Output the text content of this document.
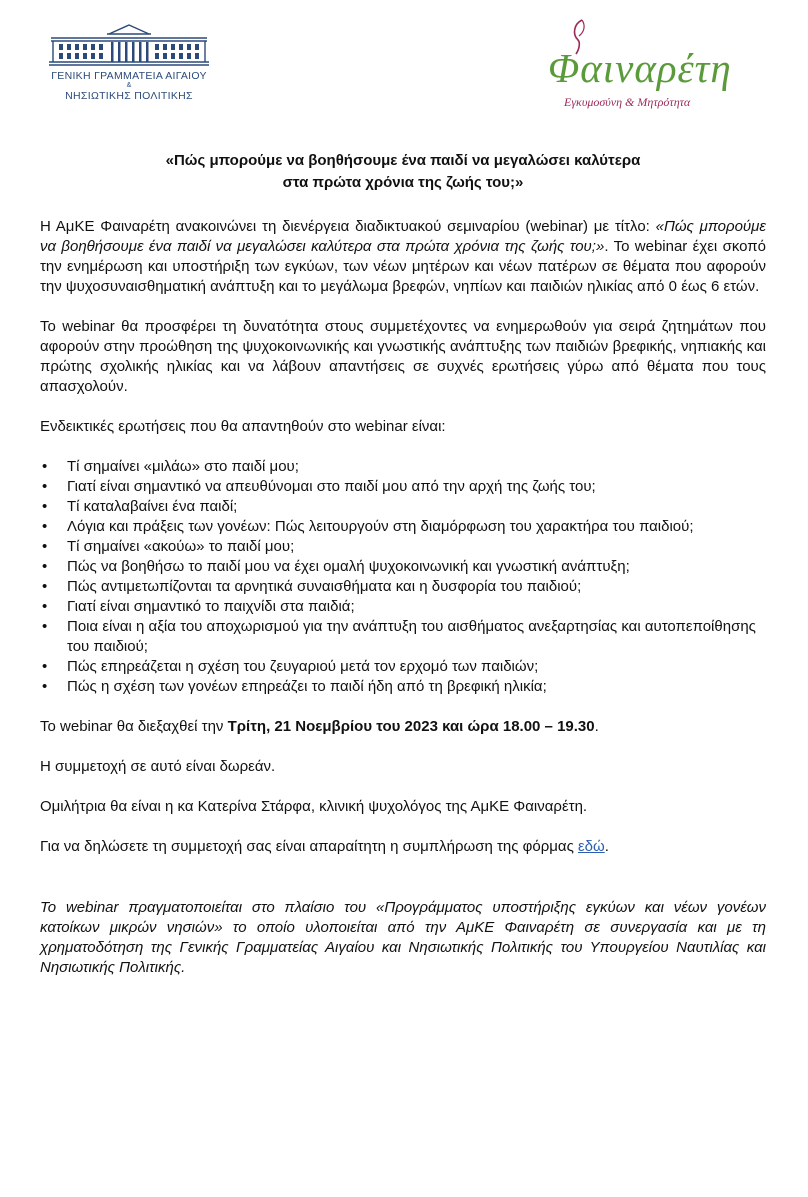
ΓΕΝΙΚΗ ΓΡΑΜΜΑΤΕΙΑ ΑΙΓΑΙΟΥ
&
ΝΗΣΙΩΤΙΚΗΣ ΠΟΛΙΤΙΚΗΣ
Φαιναρέτη
Εγκυμοσύνη & Μητρότητα
«Πώς μπορούμε να βοηθήσουμε ένα παιδί να μεγαλώσει καλύτερα
στα πρώτα χρόνια της ζωής του;»

Η ΑμΚΕ Φαιναρέτη ανακοινώνει τη διενέργεια διαδικτυακού σεμιναρίου (webinar) με τίτλο: «Πώς μπορούμε να βοηθήσουμε ένα παιδί να μεγαλώσει καλύτερα στα πρώτα χρόνια της ζωής του;». Το webinar έχει σκοπό την ενημέρωση και υποστήριξη των εγκύων, των νέων μητέρων και νέων πατέρων σε θέματα που αφορούν την ψυχοσυναισθηματική ανάπτυξη και το μεγάλωμα βρεφών, νηπίων και παιδιών ηλικίας από 0 έως 6 ετών.

Το webinar θα προσφέρει τη δυνατότητα στους συμμετέχοντες να ενημερωθούν για σειρά ζητημάτων που αφορούν στην προώθηση της ψυχοκοινωνικής και γνωστικής ανάπτυξης των παιδιών βρεφικής, νηπιακής και πρώτης σχολικής ηλικίας και να λάβουν απαντήσεις σε συχνές ερωτήσεις γύρω από θέματα που τους απασχολούν.

Ενδεικτικές ερωτήσεις που θα απαντηθούν στο webinar είναι:

• Τί σημαίνει «μιλάω» στο παιδί μου;
• Γιατί είναι σημαντικό να απευθύνομαι στο παιδί μου από την αρχή της ζωής του;
• Τί καταλαβαίνει ένα παιδί;
• Λόγια και πράξεις των γονέων: Πώς λειτουργούν στη διαμόρφωση του χαρακτήρα του παιδιού;
• Τί σημαίνει «ακούω» το παιδί μου;
• Πώς να βοηθήσω το παιδί μου να έχει ομαλή ψυχοκοινωνική και γνωστική ανάπτυξη;
• Πώς αντιμετωπίζονται τα αρνητικά συναισθήματα και η δυσφορία του παιδιού;
• Γιατί είναι σημαντικό το παιχνίδι στα παιδιά;
• Ποια είναι η αξία του αποχωρισμού για την ανάπτυξη του αισθήματος ανεξαρτησίας και αυτοπεποίθησης του παιδιού;
• Πώς επηρεάζεται η σχέση του ζευγαριού μετά τον ερχομό των παιδιών;
• Πώς η σχέση των γονέων επηρεάζει το παιδί ήδη από τη βρεφική ηλικία;

Το webinar θα διεξαχθεί την Τρίτη, 21 Νοεμβρίου του 2023 και ώρα 18.00 – 19.30.

Η συμμετοχή σε αυτό είναι δωρεάν.

Ομιλήτρια θα είναι η κα Κατερίνα Στάρφα, κλινική ψυχολόγος της ΑμΚΕ Φαιναρέτη.

Για να δηλώσετε τη συμμετοχή σας είναι απαραίτητη η συμπλήρωση της φόρμας εδώ.

Το webinar πραγματοποιείται στο πλαίσιο του «Προγράμματος υποστήριξης εγκύων και νέων γονέων κατοίκων μικρών νησιών» το οποίο υλοποιείται από την ΑμΚΕ Φαιναρέτη σε συνεργασία και με τη χρηματοδότηση της Γενικής Γραμματείας Αιγαίου και Νησιωτικής Πολιτικής του Υπουργείου Ναυτιλίας και Νησιωτικής Πολιτικής.
